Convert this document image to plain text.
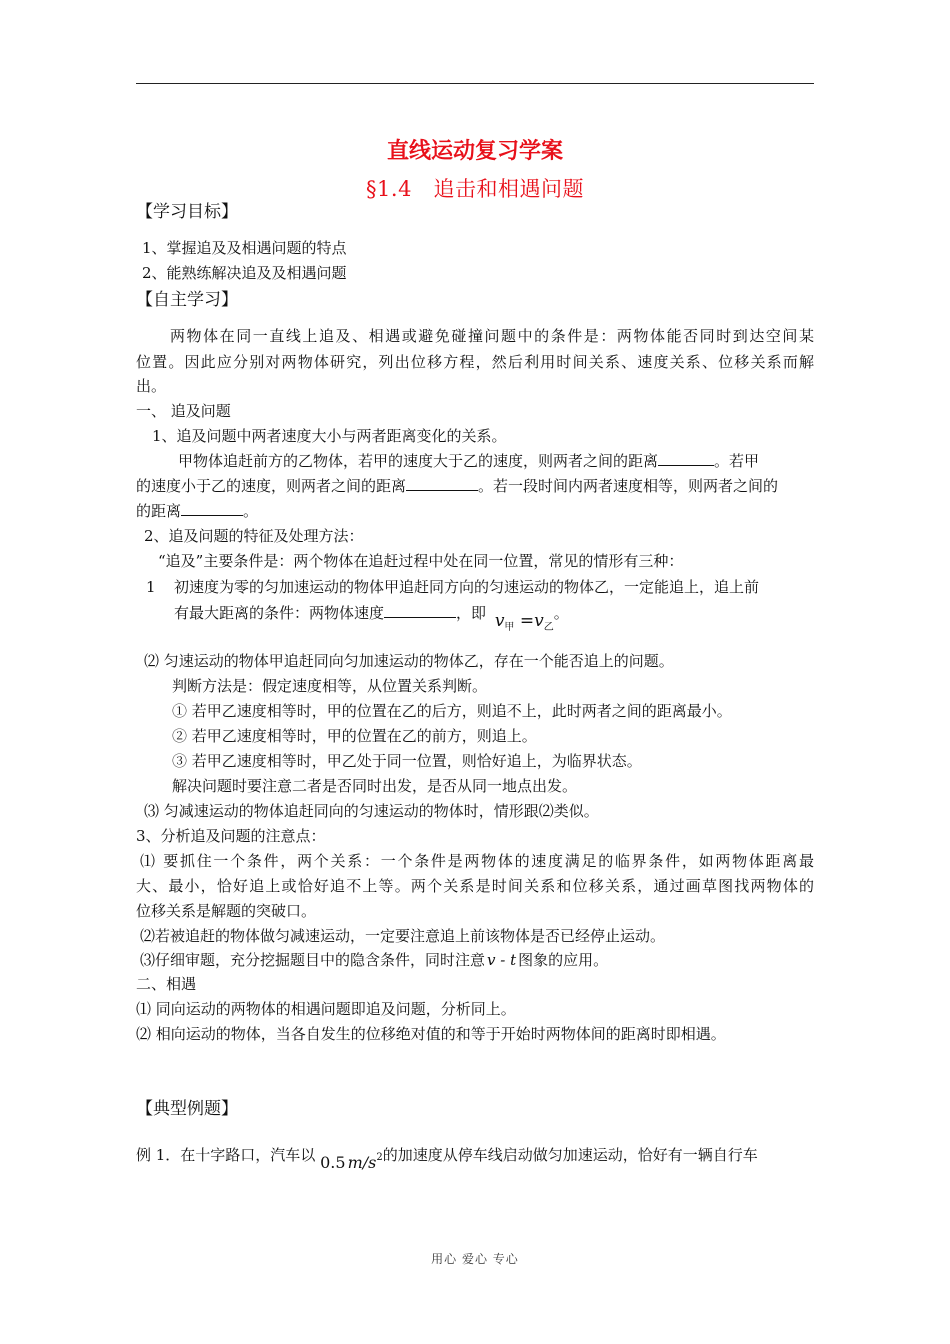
直线运动复习学案
§1.4　追击和相遇问题
【学习目标】
1、掌握追及及相遇问题的特点
2、能熟练解决追及及相遇问题
【自主学习】
两物体在同一直线上追及、相遇或避免碰撞问题中的条件是：两物体能否同时到达空间某
位置。因此应分别对两物体研究，列出位移方程，然后利用时间关系、速度关系、位移关系而解
出。
一、 追及问题
1、追及问题中两者速度大小与两者距离变化的关系。
甲物体追赶前方的乙物体，若甲的速度大于乙的速度，则两者之间的距离	。若甲
的速度小于乙的速度，则两者之间的距离	。若一段时间内两者速度相等，则两者之间的
的距离	。
2、追及问题的特征及处理方法：
“追及”主要条件是：两个物体在追赶过程中处在同一位置，常见的情形有三种：
1 初速度为零的匀加速运动的物体甲追赶同方向的匀速运动的物体乙，一定能追上，追上前
有最大距离的条件：两物体速度	，即 $v_甲 =v_乙$。
⑵ 匀速运动的物体甲追赶同向匀加速运动的物体乙，存在一个能否追上的问题。
判断方法是：假定速度相等，从位置关系判断。
① 若甲乙速度相等时，甲的位置在乙的后方，则追不上，此时两者之间的距离最小。
② 若甲乙速度相等时，甲的位置在乙的前方，则追上。
③ 若甲乙速度相等时，甲乙处于同一位置，则恰好追上，为临界状态。
解决问题时要注意二者是否同时出发，是否从同一地点出发。
⑶ 匀减速运动的物体追赶同向的匀速运动的物体时，情形跟⑵类似。
3、分析追及问题的注意点：
⑴ 要抓住一个条件，两个关系：一个条件是两物体的速度满足的临界条件，如两物体距离最
大、最小，恰好追上或恰好追不上等。两个关系是时间关系和位移关系，通过画草图找两物体的
位移关系是解题的突破口。
⑵若被追赶的物体做匀减速运动，一定要注意追上前该物体是否已经停止运动。
⑶仔细审题，充分挖掘题目中的隐含条件，同时注意 v - t 图象的应用。
二、相遇
⑴ 同向运动的两物体的相遇问题即追及问题，分析同上。
⑵ 相向运动的物体，当各自发生的位移绝对值的和等于开始时两物体间的距离时即相遇。
【典型例题】
例 1．在十字路口，汽车以 0.5 $m/s^2$的加速度从停车线启动做匀加速运动，恰好有一辆自行车
用心 爱心 专心
